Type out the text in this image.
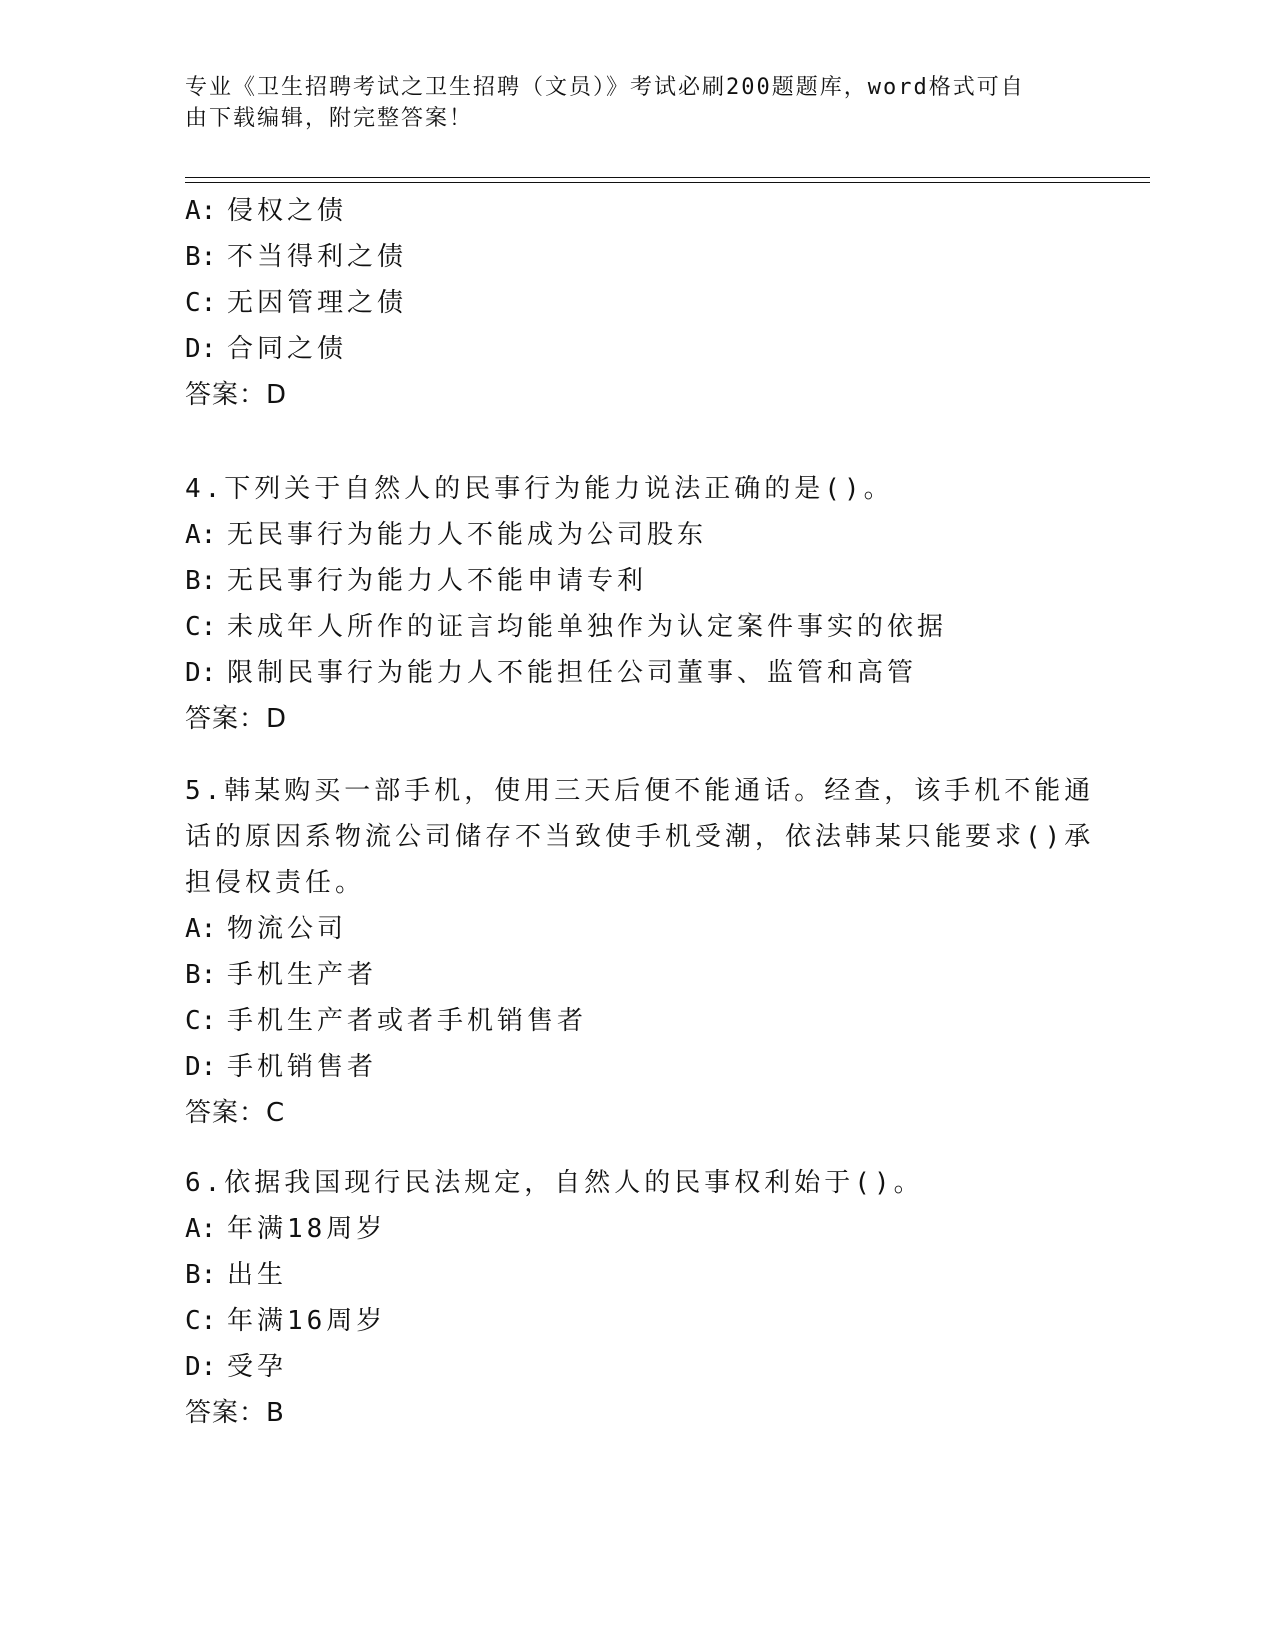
专业《卫生招聘考试之卫生招聘（文员）》考试必刷200题题库，word格式可自
由下载编辑，附完整答案！
A: 侵权之债
B: 不当得利之债
C: 无因管理之债
D: 合同之债
答案：D
4.下列关于自然人的民事行为能力说法正确的是()。
A: 无民事行为能力人不能成为公司股东
B: 无民事行为能力人不能申请专利
C: 未成年人所作的证言均能单独作为认定案件事实的依据
D: 限制民事行为能力人不能担任公司董事、监管和高管
答案：D
5.韩某购买一部手机，使用三天后便不能通话。经查，该手机不能通
话的原因系物流公司储存不当致使手机受潮，依法韩某只能要求()承
担侵权责任。
A: 物流公司
B: 手机生产者
C: 手机生产者或者手机销售者
D: 手机销售者
答案：C
6.依据我国现行民法规定，自然人的民事权利始于()。
A: 年满18周岁
B: 出生
C: 年满16周岁
D: 受孕
答案：B
